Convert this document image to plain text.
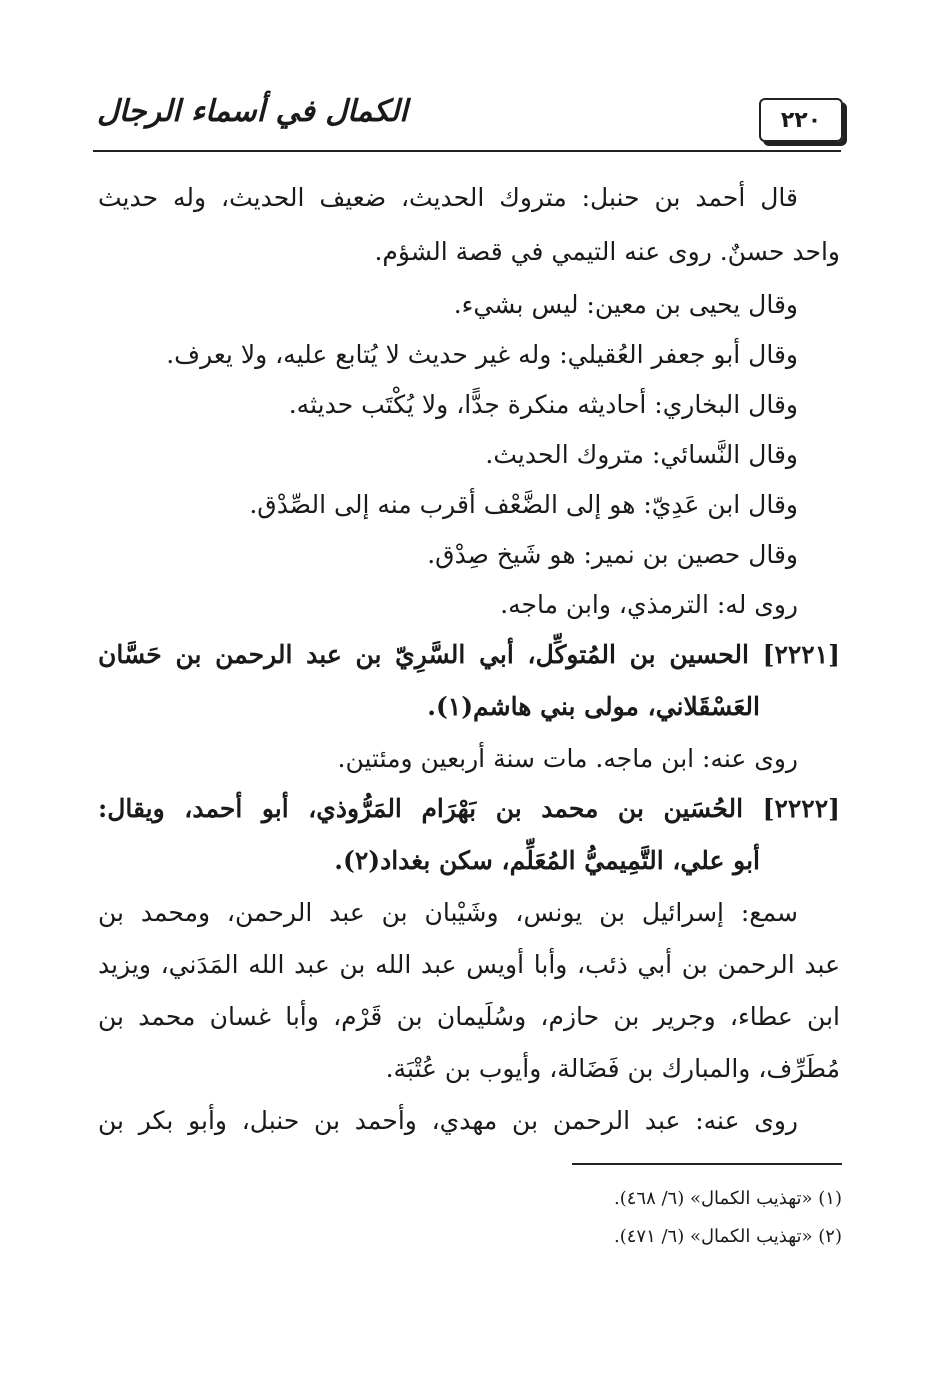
٢٢٠
الكمال في أسماء الرجال
قال أحمد بن حنبل: متروك الحديث، ضعيف الحديث، وله حديث
واحد حسنٌ. روى عنه التيمي في قصة الشؤم.
وقال يحيى بن معين: ليس بشيء.
وقال أبو جعفر العُقيلي: وله غير حديث لا يُتابع عليه، ولا يعرف.
وقال البخاري: أحاديثه منكرة جدًّا، ولا يُكْتَب حديثه.
وقال النَّسائي: متروك الحديث.
وقال ابن عَدِيّ: هو إلى الضَّعْف أقرب منه إلى الصِّدْق.
وقال حصين بن نمير: هو شَيخ صِدْق.
روى له: الترمذي، وابن ماجه.
[٢٢٢١] الحسين بن المُتوكِّل، أبي السَّرِيّ بن عبد الرحمن بن حَسَّان
العَسْقَلاني، مولى بني هاشم(١).
روى عنه: ابن ماجه. مات سنة أربعين ومئتين.
[٢٢٢٢] الحُسَين بن محمد بن بَهْرَام المَرُّوذي، أبو أحمد، ويقال:
أبو علي، التَّمِيميُّ المُعَلِّم، سكن بغداد(٢).
سمع: إسرائيل بن يونس، وشَيْبان بن عبد الرحمن، ومحمد بن
عبد الرحمن بن أبي ذئب، وأبا أويس عبد الله بن عبد الله المَدَني، ويزيد
ابن عطاء، وجرير بن حازم، وسُلَيمان بن قَرْم، وأبا غسان محمد بن
مُطَرِّف، والمبارك بن فَضَالة، وأيوب بن عُتْبَة.
روى عنه: عبد الرحمن بن مهدي، وأحمد بن حنبل، وأبو بكر بن
(١) «تهذيب الكمال» (٦/ ٤٦٨).
(٢) «تهذيب الكمال» (٦/ ٤٧١).
